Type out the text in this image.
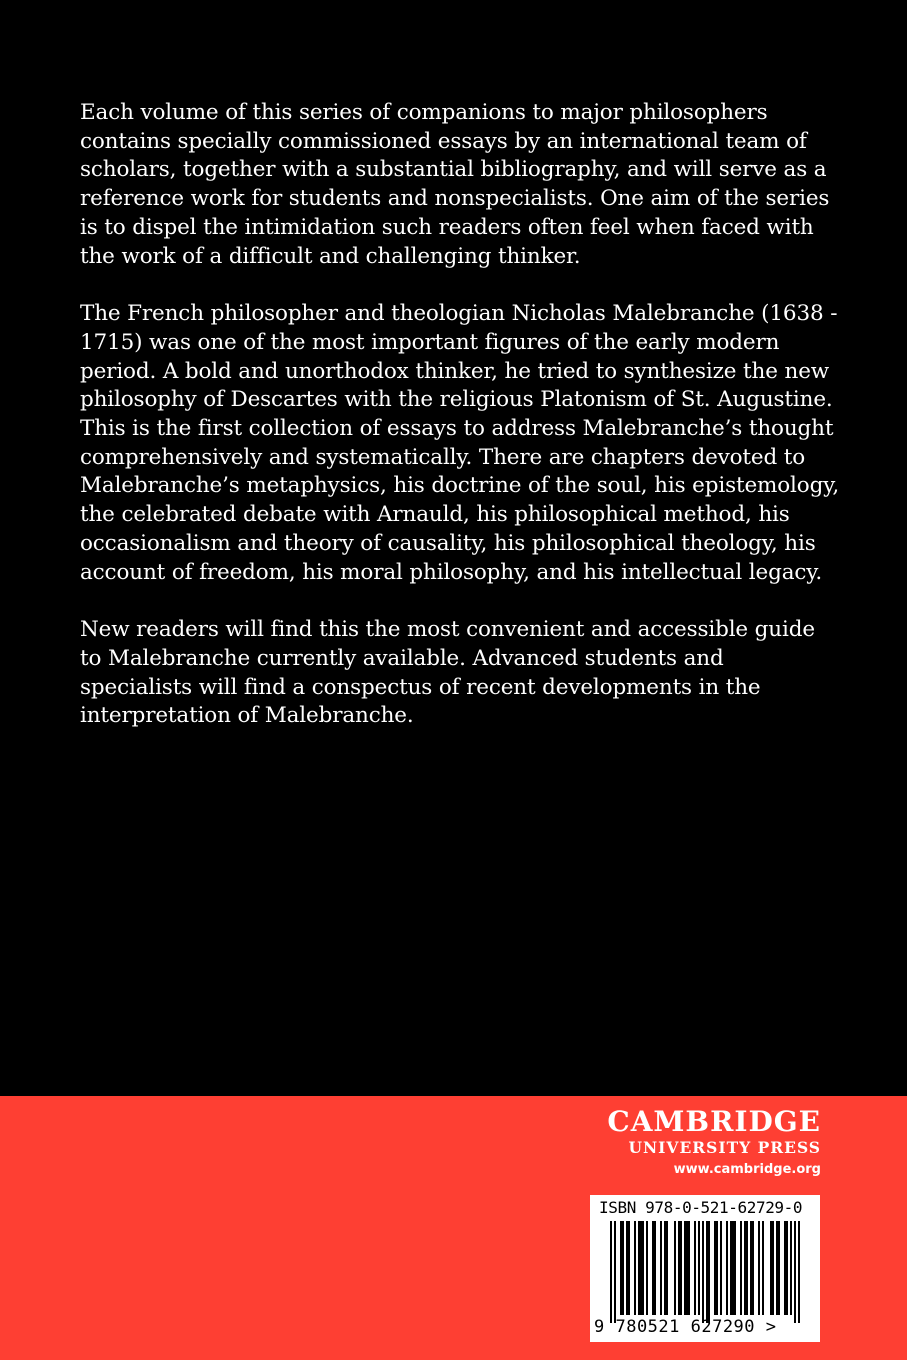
Each volume of this series of companions to major philosophers contains specially commissioned essays by an international team of scholars, together with a substantial bibliography, and will serve as a reference work for students and nonspecialists. One aim of the series is to dispel the intimidation such readers often feel when faced with the work of a difficult and challenging thinker.

The French philosopher and theologian Nicholas Malebranche (1638 - 1715) was one of the most important figures of the early modern period. A bold and unorthodox thinker, he tried to synthesize the new philosophy of Descartes with the religious Platonism of St. Augustine. This is the first collection of essays to address Malebranche’s thought comprehensively and systematically. There are chapters devoted to Malebranche’s metaphysics, his doctrine of the soul, his epistemology, the celebrated debate with Arnauld, his philosophical method, his occasionalism and theory of causality, his philosophical theology, his account of freedom, his moral philosophy, and his intellectual legacy.

New readers will find this the most convenient and accessible guide to Malebranche currently available. Advanced students and specialists will find a conspectus of recent developments in the interpretation of Malebranche.

CAMBRIDGE
UNIVERSITY PRESS
www.cambridge.org
ISBN 978-0-521-62729-0
9 780521 627290 >
